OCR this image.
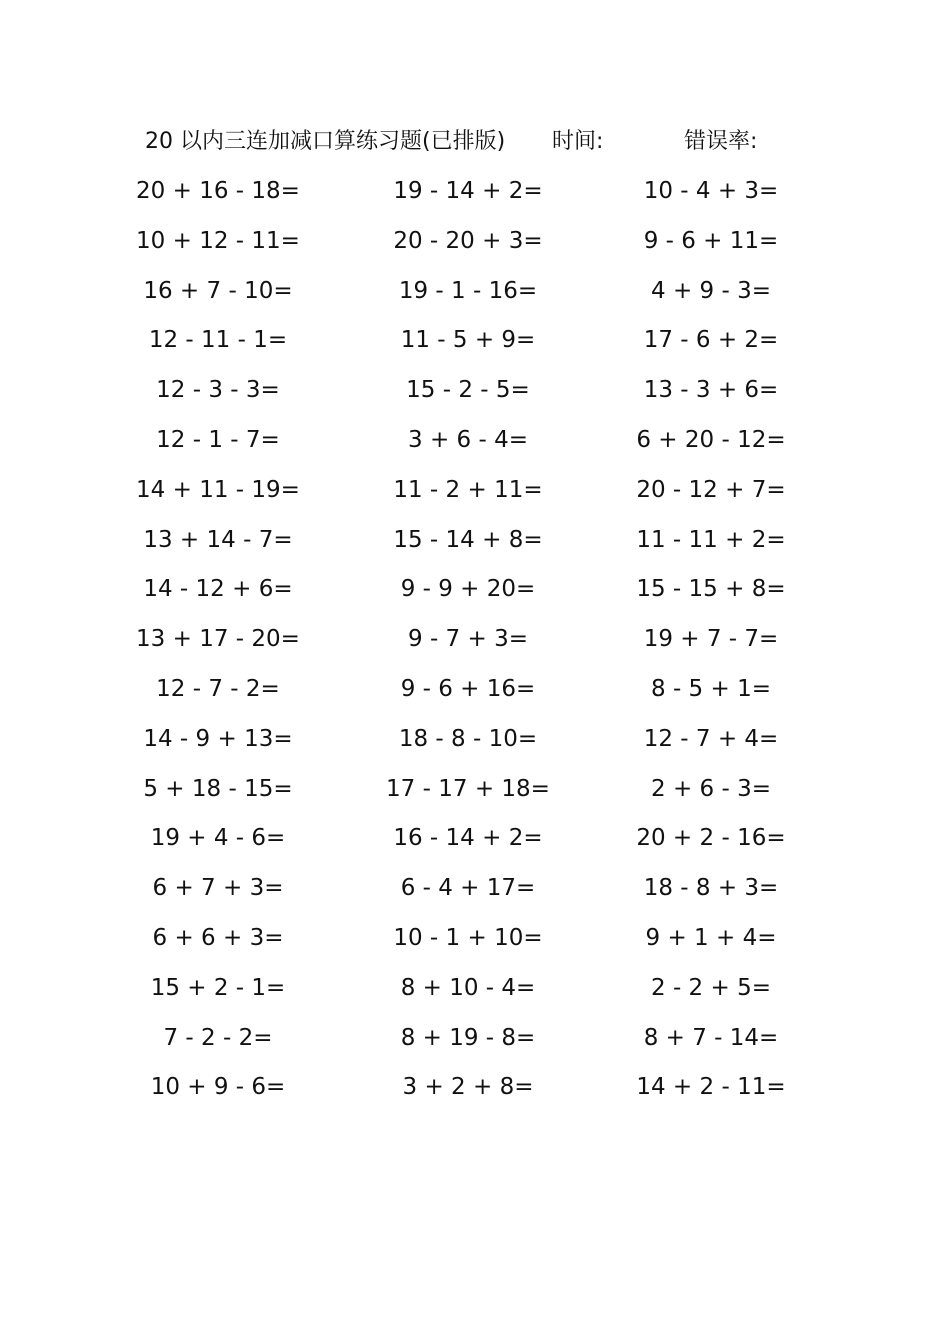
20 以内三连加减口算练习题(已排版) 时间:	错误率:
20 + 16 - 18=	19 - 14 + 2=	10 - 4 + 3=
10 + 12 - 11=	20 - 20 + 3=	9 - 6 + 11=
16 + 7 - 10=	19 - 1 - 16=	4 + 9 - 3=
12 - 11 - 1=	11 - 5 + 9=	17 - 6 + 2=
12 - 3 - 3=	15 - 2 - 5=	13 - 3 + 6=
12 - 1 - 7=	3 + 6 - 4=	6 + 20 - 12=
14 + 11 - 19=	11 - 2 + 11=	20 - 12 + 7=
13 + 14 - 7=	15 - 14 + 8=	11 - 11 + 2=
14 - 12 + 6=	9 - 9 + 20=	15 - 15 + 8=
13 + 17 - 20=	9 - 7 + 3=	19 + 7 - 7=
12 - 7 - 2=	9 - 6 + 16=	8 - 5 + 1=
14 - 9 + 13=	18 - 8 - 10=	12 - 7 + 4=
5 + 18 - 15=	17 - 17 + 18=	2 + 6 - 3=
19 + 4 - 6=	16 - 14 + 2=	20 + 2 - 16=
6 + 7 + 3=	6 - 4 + 17=	18 - 8 + 3=
6 + 6 + 3=	10 - 1 + 10=	9 + 1 + 4=
15 + 2 - 1=	8 + 10 - 4=	2 - 2 + 5=
7 - 2 - 2=	8 + 19 - 8=	8 + 7 - 14=
10 + 9 - 6=	3 + 2 + 8=	14 + 2 - 11=
